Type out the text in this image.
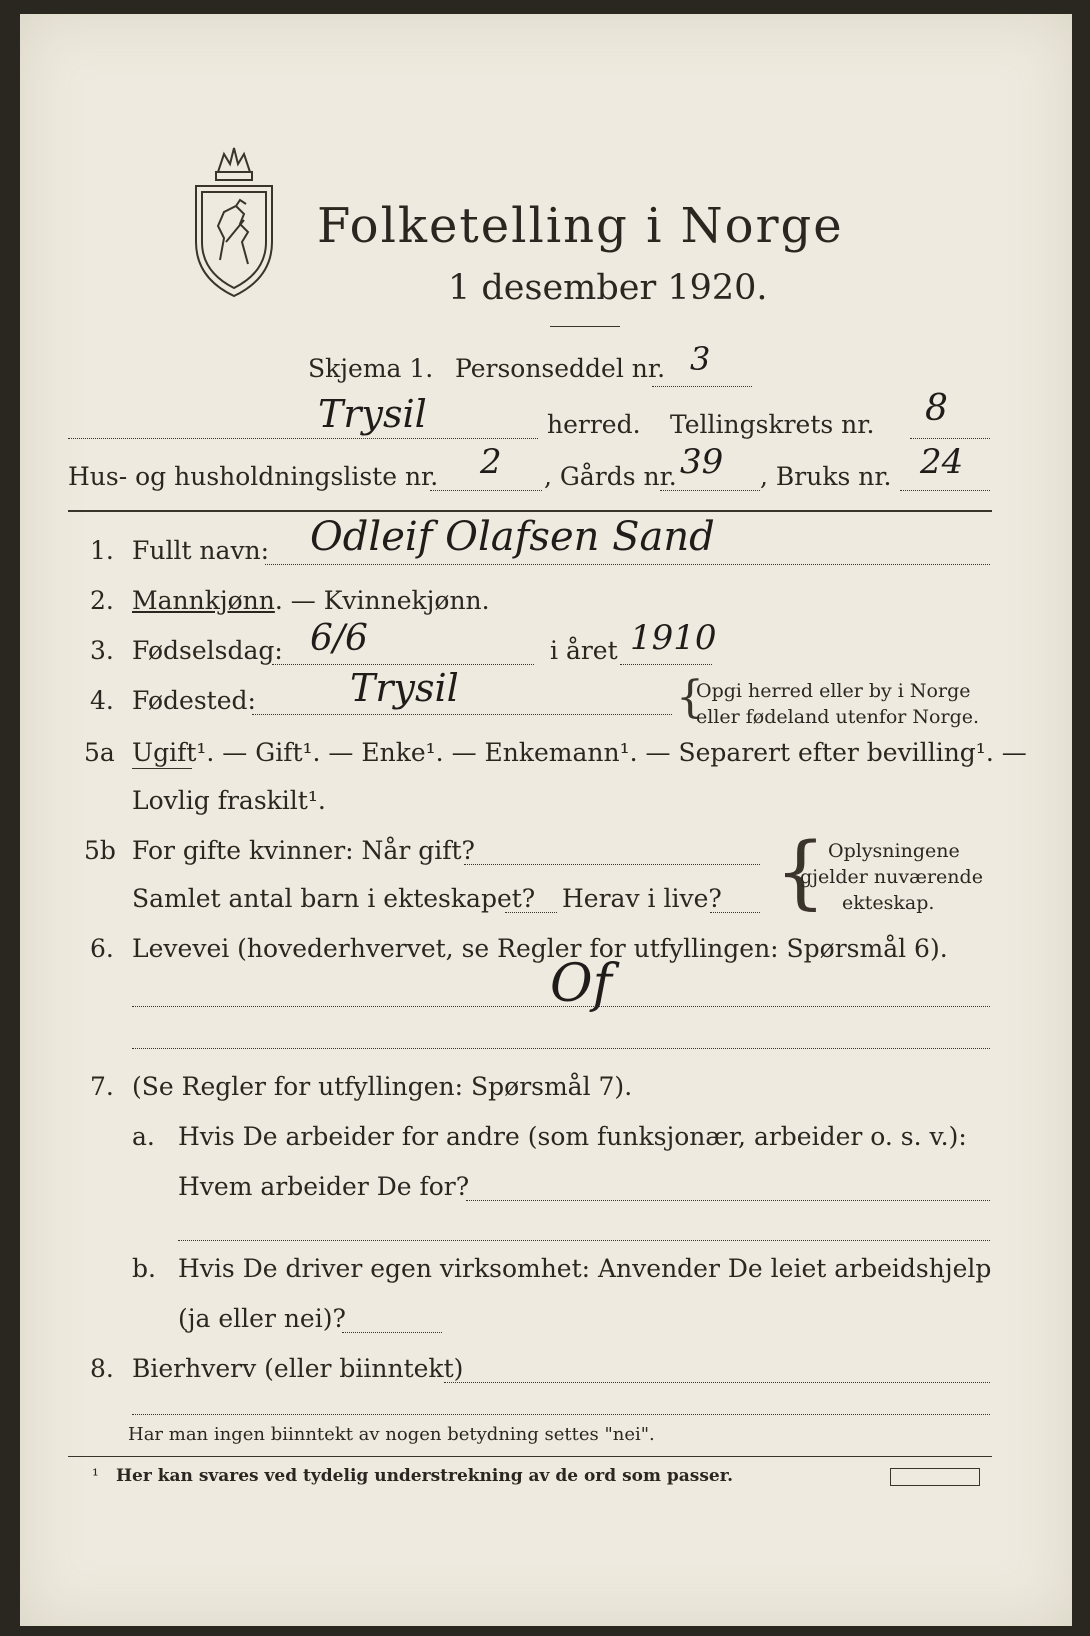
Folketelling i Norge
1 desember 1920.
Skjema 1. Personseddel nr. 3
Trysil	herred. Tellingskrets nr. 8
Hus- og husholdningsliste nr. 2 , Gårds nr. 39 , Bruks nr. 24
1. Fullt navn: Odleif Olafsen Sand
2. Mannkjønn. — Kvinnekjønn.
3. Fødselsdag: 6/6	i året 1910
4. Fødested: Trysil	{
Opgi herred eller by i Norge
eller fødeland utenfor Norge.
5a Ugift¹. — Gift¹. — Enke¹. — Enkemann¹. — Separert efter bevilling¹. —
Lovlig fraskilt¹.
5b For gifte kvinner: Når gift?
Samlet antal barn i ekteskapet? Herav i live? { Oplysningene
gjelder nuværende
ekteskap.
6. Levevei (hovederhvervet, se Regler for utfyllingen: Spørsmål 6).
Of
7. (Se Regler for utfyllingen: Spørsmål 7).
a. Hvis De arbeider for andre (som funksjonær, arbeider o. s. v.):
Hvem arbeider De for?
b. Hvis De driver egen virksomhet: Anvender De leiet arbeidshjelp
(ja eller nei)?
8. Bierhverv (eller biinntekt)
Har man ingen biinntekt av nogen betydning settes "nei".
¹ Her kan svares ved tydelig understrekning av de ord som passer.
